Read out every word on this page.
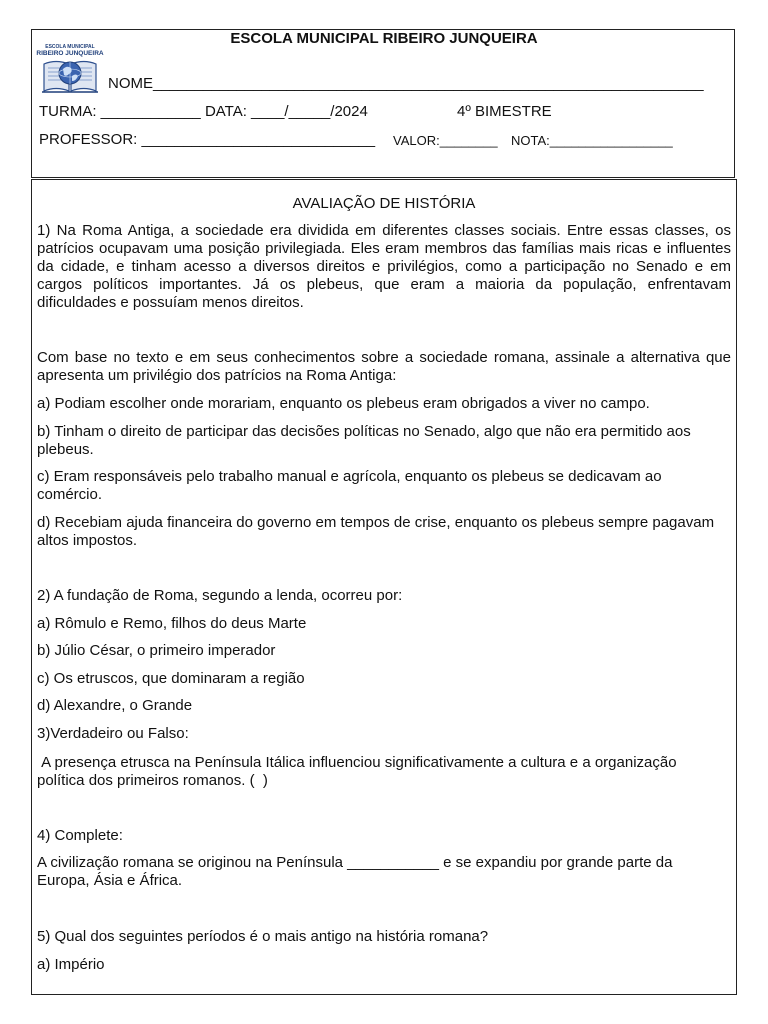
ESCOLA MUNICIPAL RIBEIRO JUNQUEIRA
ESCOLA MUNICIPAL
RIBEIRO JUNQUEIRA
NOME__________________________________________________________________
TURMA: ____________ DATA: ____/_____/2024	4º BIMESTRE
PROFESSOR: ____________________________ VALOR:________ NOTA:_________________
AVALIAÇÃO DE HISTÓRIA

1) Na Roma Antiga, a sociedade era dividida em diferentes classes sociais. Entre essas classes, os patrícios ocupavam uma posição privilegiada. Eles eram membros das famílias mais ricas e influentes da cidade, e tinham acesso a diversos direitos e privilégios, como a participação no Senado e em cargos políticos importantes. Já os plebeus, que eram a maioria da população, enfrentavam dificuldades e possuíam menos direitos.

Com base no texto e em seus conhecimentos sobre a sociedade romana, assinale a alternativa que apresenta um privilégio dos patrícios na Roma Antiga:

a) Podiam escolher onde morariam, enquanto os plebeus eram obrigados a viver no campo.

b) Tinham o direito de participar das decisões políticas no Senado, algo que não era permitido aos plebeus.

c) Eram responsáveis pelo trabalho manual e agrícola, enquanto os plebeus se dedicavam ao comércio.

d) Recebiam ajuda financeira do governo em tempos de crise, enquanto os plebeus sempre pagavam altos impostos.

2) A fundação de Roma, segundo a lenda, ocorreu por:

a) Rômulo e Remo, filhos do deus Marte

b) Júlio César, o primeiro imperador

c) Os etruscos, que dominaram a região

d) Alexandre, o Grande

3)Verdadeiro ou Falso:

A presença etrusca na Península Itálica influenciou significativamente a cultura e a organização política dos primeiros romanos. (  )

4) Complete:

A civilização romana se originou na Península ___________ e se expandiu por grande parte da Europa, Ásia e África.

5) Qual dos seguintes períodos é o mais antigo na história romana?

a) Império
